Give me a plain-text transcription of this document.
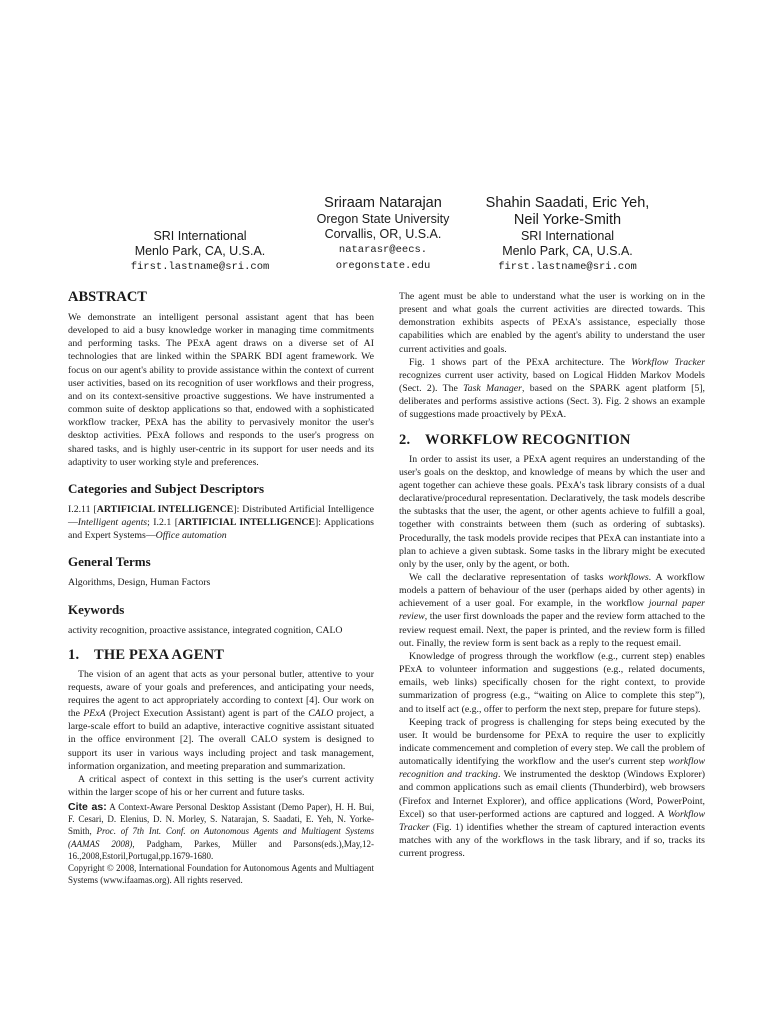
SRI International
Menlo Park, CA, U.S.A.
first.lastname@sri.com
Sriraam Natarajan
Oregon State University
Corvallis, OR, U.S.A.
natarasr@eecs.
oregonstate.edu
Shahin Saadati, Eric Yeh,
Neil Yorke-Smith
SRI International
Menlo Park, CA, U.S.A.
first.lastname@sri.com
ABSTRACT

We demonstrate an intelligent personal assistant agent that has been developed to aid a busy knowledge worker in managing time commitments and performing tasks. The PExA agent draws on a diverse set of AI technologies that are linked within the SPARK BDI agent framework. We focus on our agent's ability to provide assistance within the context of current user activities, based on its recognition of user workflows and their progress, and on its context-sensitive proactive suggestions. We have instrumented a common suite of desktop applications so that, endowed with a sophisticated workflow tracker, PExA has the ability to pervasively monitor the user's desktop activities. PExA follows and responds to the user's progress on shared tasks, and is highly user-centric in its support for user needs and its adaptivity to user working style and preferences.

Categories and Subject Descriptors

I.2.11 [ARTIFICIAL INTELLIGENCE]: Distributed Artificial Intelligence—Intelligent agents; I.2.1 [ARTIFICIAL INTELLIGENCE]: Applications and Expert Systems—Office automation

General Terms

Algorithms, Design, Human Factors

Keywords

activity recognition, proactive assistance, integrated cognition, CALO

1. THE PEXA AGENT

The vision of an agent that acts as your personal butler, attentive to your requests, aware of your goals and preferences, and anticipating your needs, requires the agent to act appropriately according to context [4]. Our work on the PExA (Project Execution Assistant) agent is part of the CALO project, a large-scale effort to build an adaptive, interactive cognitive assistant situated in the office environment [2]. The overall CALO system is designed to support its user in various ways including project and task management, information organization, and meeting preparation and summarization.

A critical aspect of context in this setting is the user's current activity within the larger scope of his or her current and future tasks.

Cite as: A Context-Aware Personal Desktop Assistant (Demo Paper), H. H. Bui, F. Cesari, D. Elenius, D. N. Morley, S. Natarajan, S. Saadati, E. Yeh, N. Yorke-Smith, Proc. of 7th Int. Conf. on Autonomous Agents and Multiagent Systems (AAMAS 2008), Padgham, Parkes, Müller and Parsons(eds.),May,12-16.,2008,Estoril,Portugal,pp.1679-1680.
Copyright © 2008, International Foundation for Autonomous Agents and Multiagent Systems (www.ifaamas.org). All rights reserved.

The agent must be able to understand what the user is working on in the present and what goals the current activities are directed towards. This demonstration exhibits aspects of PExA's assistance, especially those capabilities which are enabled by the agent's ability to understand the user current activities and goals.

Fig. 1 shows part of the PExA architecture. The Workflow Tracker recognizes current user activity, based on Logical Hidden Markov Models (Sect. 2). The Task Manager, based on the SPARK agent platform [5], deliberates and performs assistive actions (Sect. 3). Fig. 2 shows an example of suggestions made proactively by PExA.

2. WORKFLOW RECOGNITION

In order to assist its user, a PExA agent requires an understanding of the user's goals on the desktop, and knowledge of means by which the user and agent together can achieve these goals. PExA's task library consists of a dual declarative/procedural representation. Declaratively, the task models describe the subtasks that the user, the agent, or other agents achieve to fulfill a goal, together with constraints between them (such as ordering of subtasks). Procedurally, the task models provide recipes that PExA can instantiate into a plan to achieve a given subtask. Some tasks in the library might be executed only by the user, only by the agent, or both.

We call the declarative representation of tasks workflows. A workflow models a pattern of behaviour of the user (perhaps aided by other agents) in achievement of a user goal. For example, in the workflow journal paper review, the user first downloads the paper and the review form attached to the review request email. Next, the paper is printed, and the review form is filled out. Finally, the review form is sent back as a reply to the request email.

Knowledge of progress through the workflow (e.g., current step) enables PExA to volunteer information and suggestions (e.g., related documents, emails, web links) specifically chosen for the right context, to provide summarization of progress (e.g., “waiting on Alice to complete this step”), and to itself act (e.g., offer to perform the next step, prepare for future steps).

Keeping track of progress is challenging for steps being executed by the user. It would be burdensome for PExA to require the user to explicitly indicate commencement and completion of every step. We call the problem of automatically identifying the workflow and the user's current step workflow recognition and tracking. We instrumented the desktop (Windows Explorer) and common applications such as email clients (Thunderbird), web browsers (Firefox and Internet Explorer), and office applications (Word, PowerPoint, Excel) so that user-performed actions are captured and logged. A Workflow Tracker (Fig. 1) identifies whether the stream of captured interaction events matches with any of the workflows in the task library, and if so, tracks its current progress.
